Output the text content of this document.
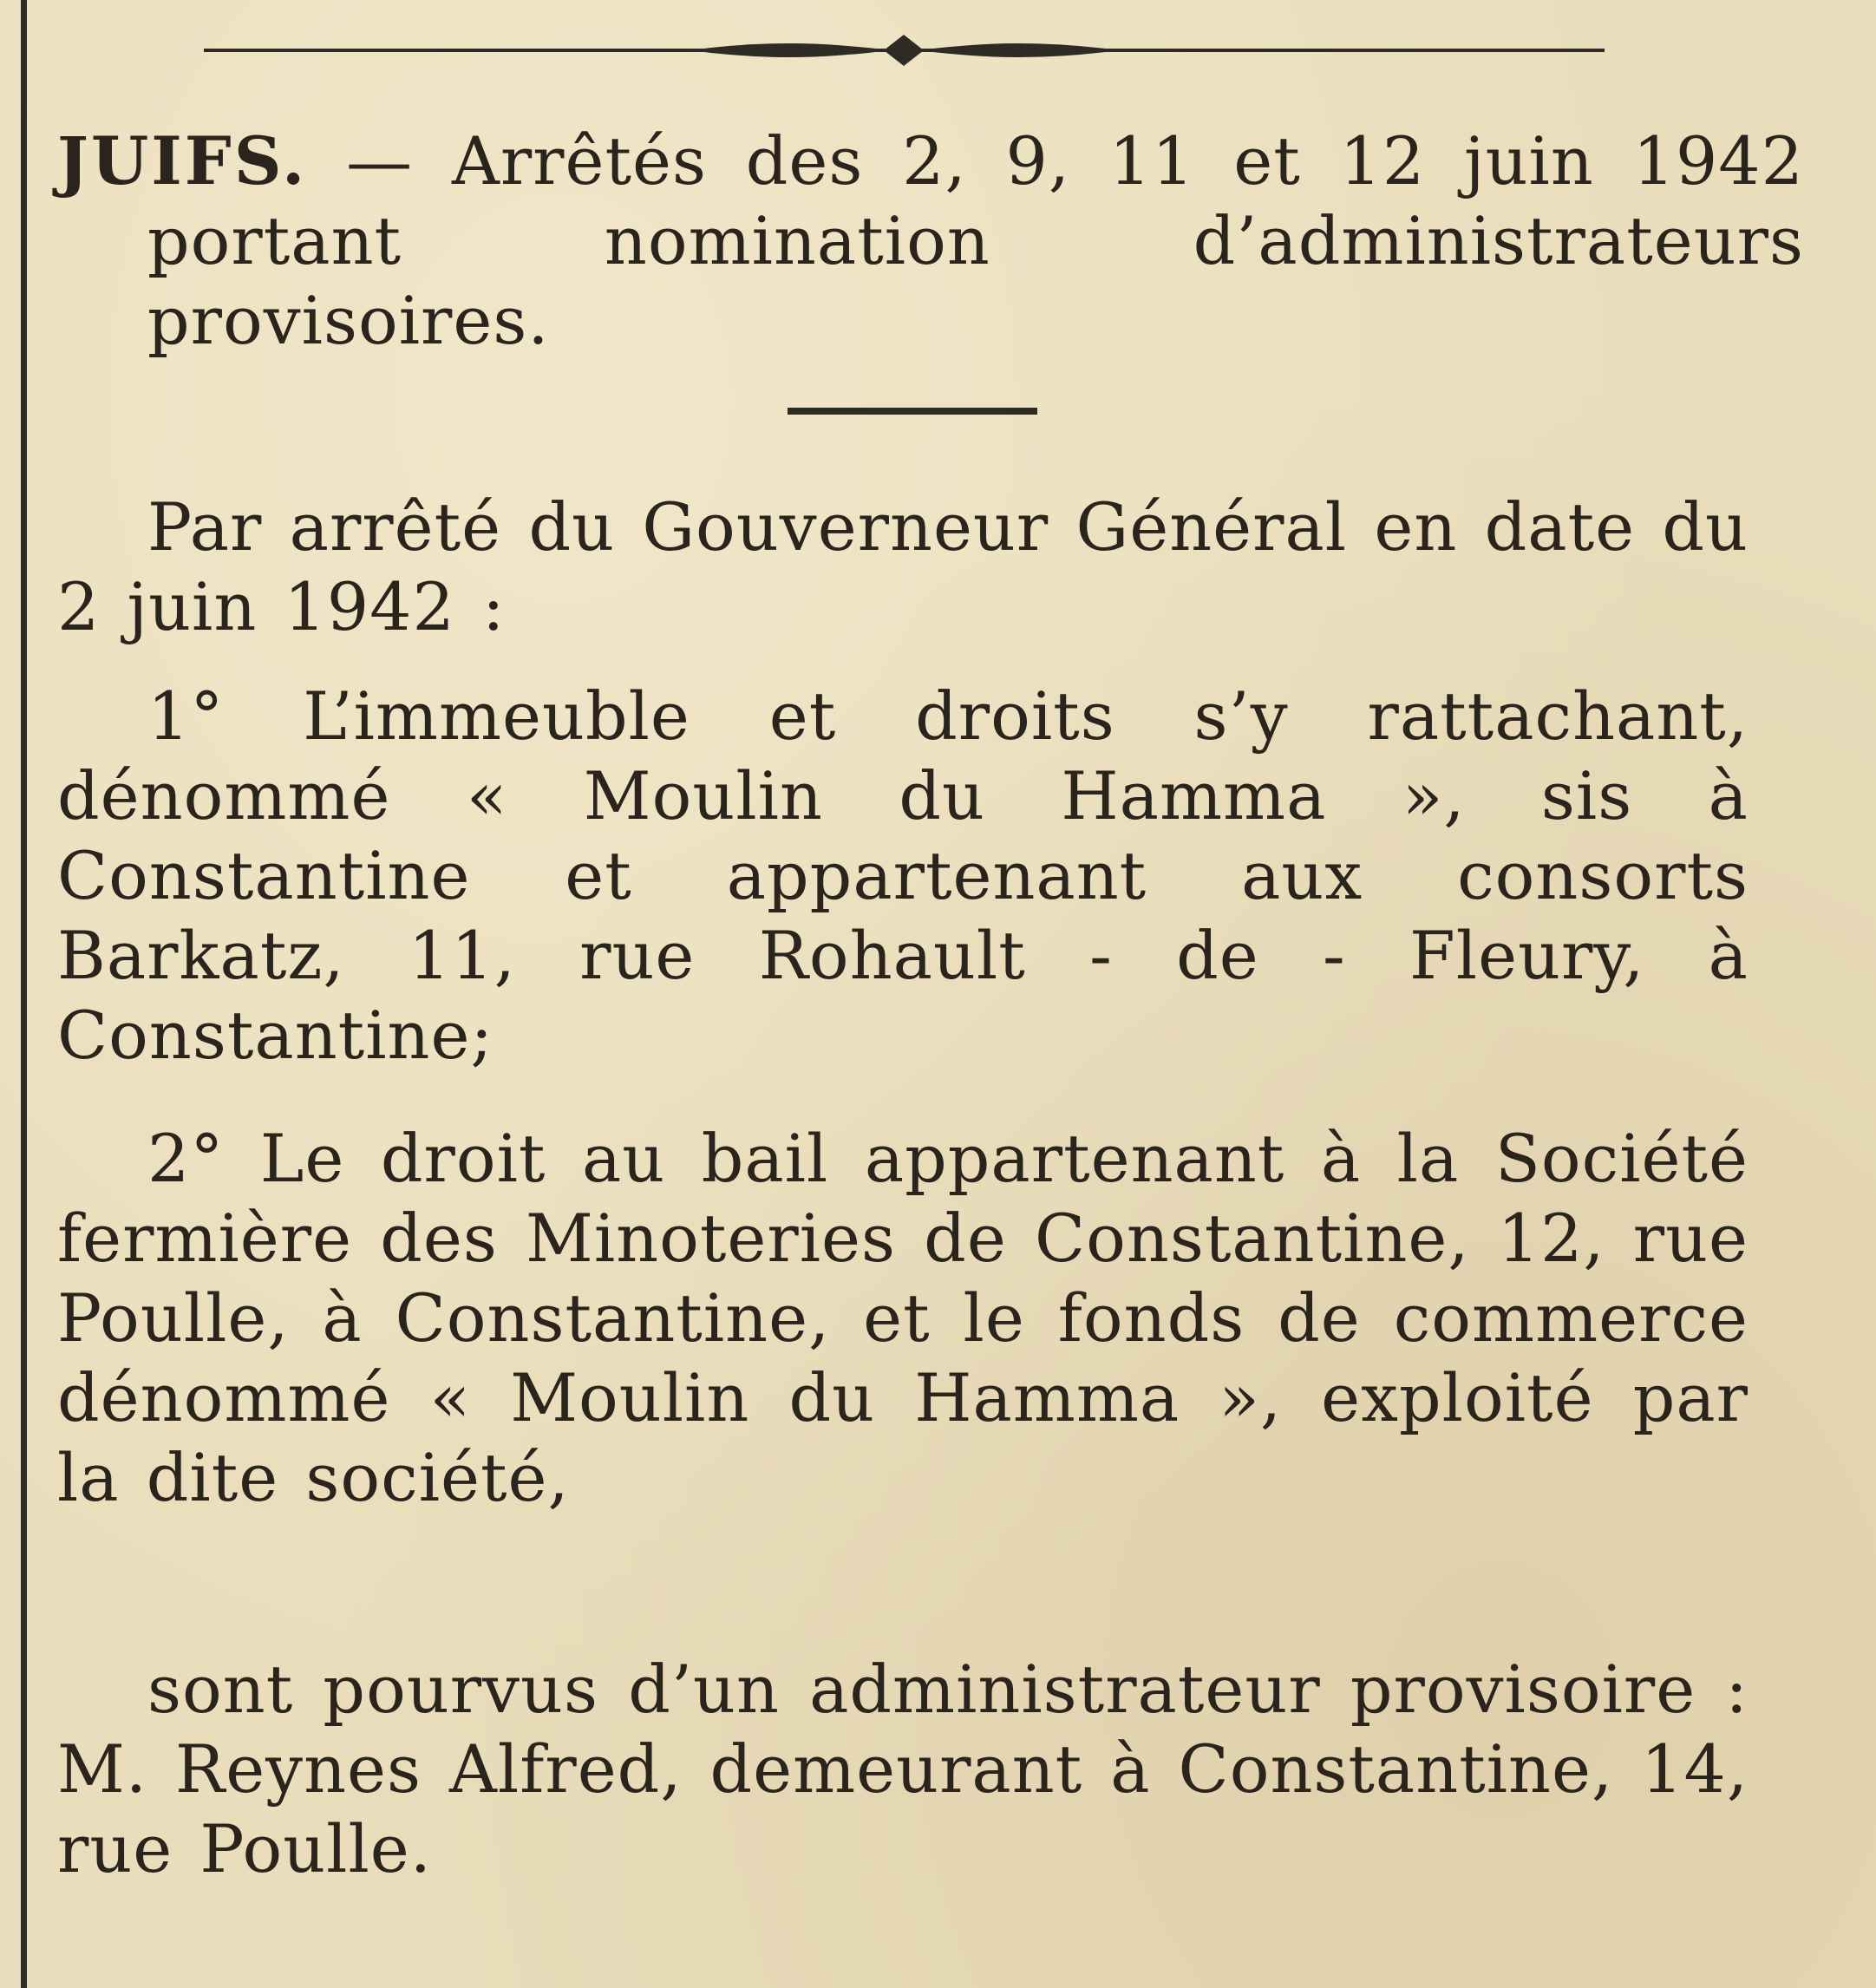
JUIFS. — Arrêtés des 2, 9, 11 et 12 juin 1942 portant nomination d’administrateurs provisoires.
Par arrêté du Gouverneur Général en date du 2 juin 1942 :
1° L’immeuble et droits s’y rattachant, dénommé « Moulin du Hamma », sis à Constantine et appartenant aux consorts Barkatz, 11, rue Rohault - de - Fleury, à Constantine;
2° Le droit au bail appartenant à la Société fermière des Minoteries de Constantine, 12, rue Poulle, à Constantine, et le fonds de commerce dénommé « Moulin du Hamma », exploité par la dite société,
sont pourvus d’un administrateur provisoire : M. Reynes Alfred, demeurant à Constantine, 14, rue Poulle.
